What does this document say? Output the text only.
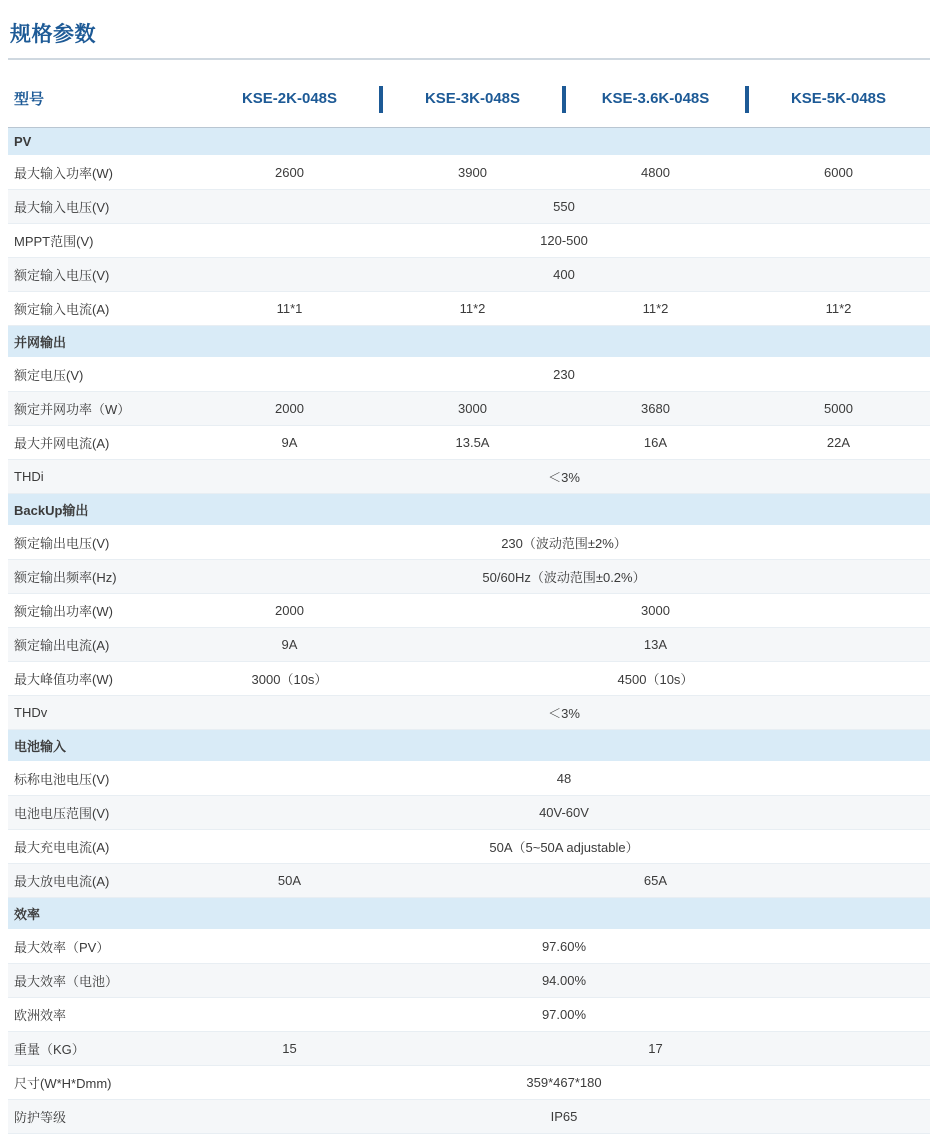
规格参数
型号	KSE-2K-048S	KSE-3K-048S	KSE-3.6K-048S	KSE-5K-048S
PV				
最大输入功率(W)	2600	3900	4800	6000
最大输入电压(V)	550			
MPPT范围(V)	120-500			
额定输入电压(V)	400			
额定输入电流(A)	11*1	11*2	11*2	11*2
并网输出				
额定电压(V)	230			
额定并网功率（W）	2000	3000	3680	5000
最大并网电流(A)	9A	13.5A	16A	22A
THDi	＜3%			
BackUp输出				
额定输出电压(V)	230（波动范围±2%）			
额定输出频率(Hz)	50/60Hz（波动范围±0.2%）			
额定输出功率(W)	2000	3000		
额定输出电流(A)	9A	13A		
最大峰值功率(W)	3000（10s）	4500（10s）		
THDv	＜3%			
电池输入				
标称电池电压(V)	48			
电池电压范围(V)	40V-60V			
最大充电电流(A)	50A（5~50A adjustable）			
最大放电电流(A)	50A	65A		
效率				
最大效率（PV）	97.60%			
最大效率（电池）	94.00%			
欧洲效率	97.00%			
重量（KG）	15	17		
尺寸(W*H*Dmm)	359*467*180			
防护等级	IP65			
